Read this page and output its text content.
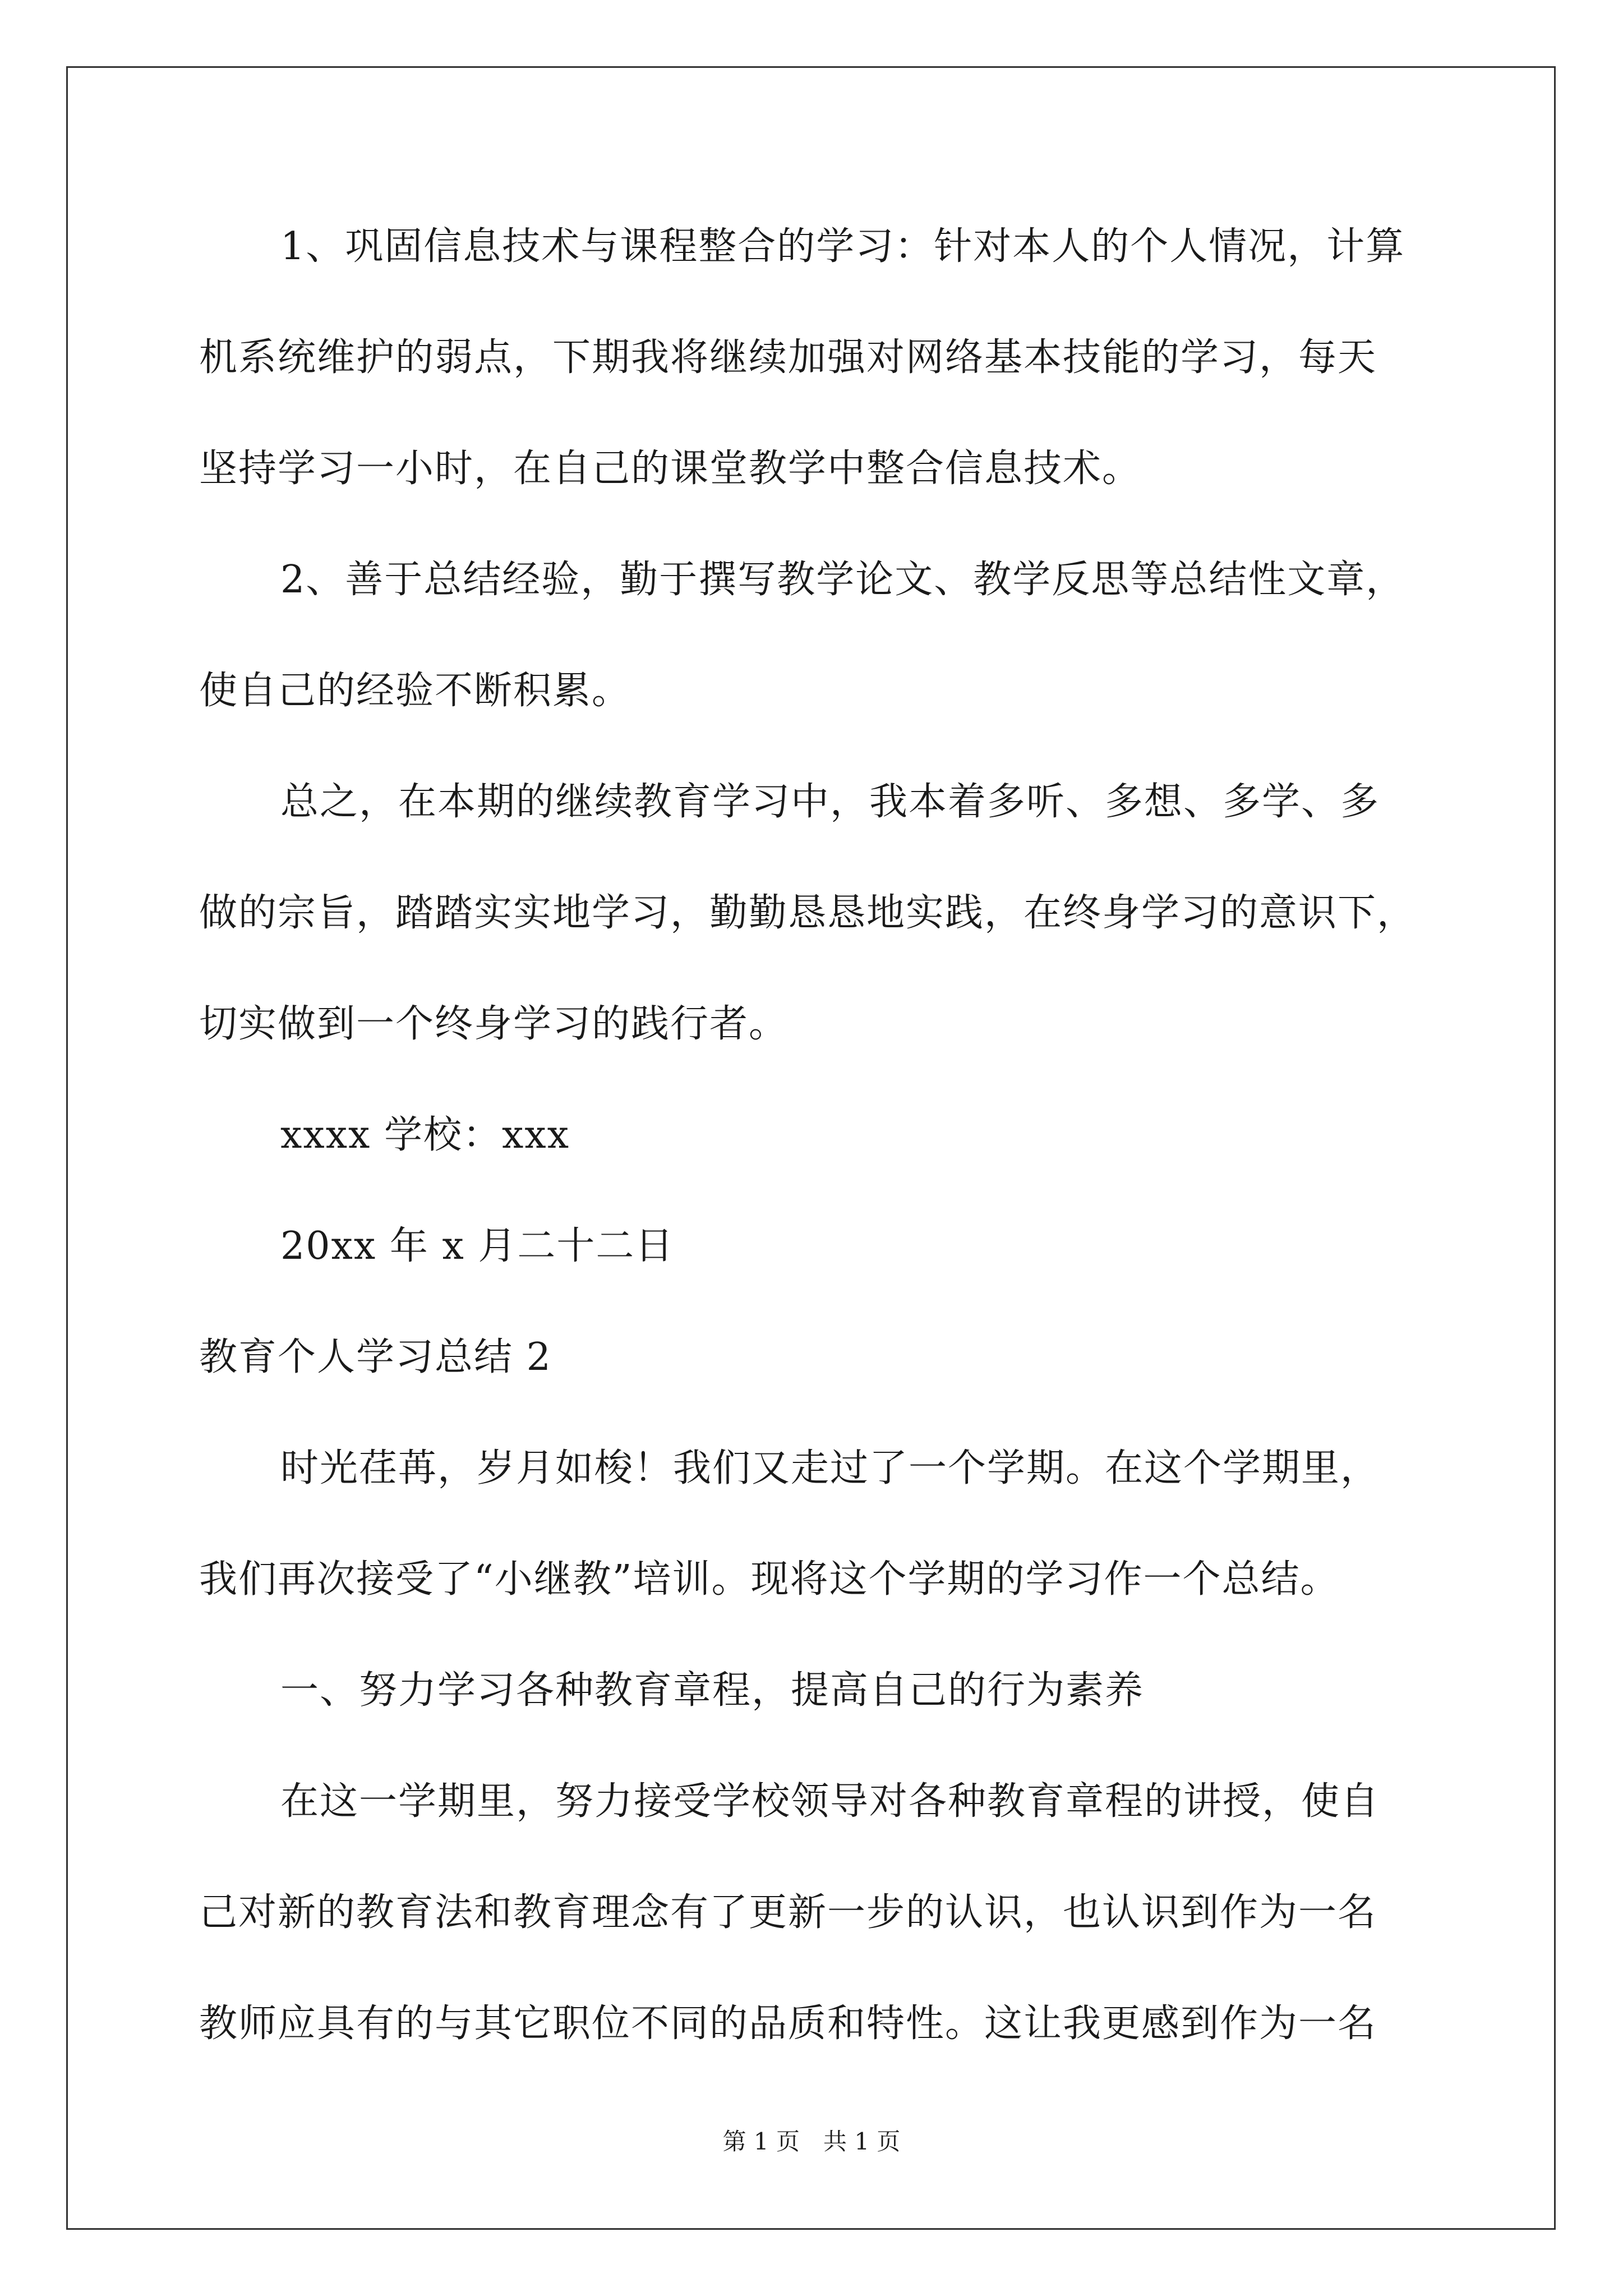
1、巩固信息技术与课程整合的学习：针对本人的个人情况，计算
机系统维护的弱点，下期我将继续加强对网络基本技能的学习，每天
坚持学习一小时，在自己的课堂教学中整合信息技术。
2、善于总结经验，勤于撰写教学论文、教学反思等总结性文章，
使自己的经验不断积累。
总之，在本期的继续教育学习中，我本着多听、多想、多学、多
做的宗旨，踏踏实实地学习，勤勤恳恳地实践，在终身学习的意识下，
切实做到一个终身学习的践行者。
xxxx 学校：xxx
20xx 年 x 月二十二日
教育个人学习总结 2
时光荏苒，岁月如梭！我们又走过了一个学期。在这个学期里，
我们再次接受了“小继教”培训。现将这个学期的学习作一个总结。
一、努力学习各种教育章程，提高自己的行为素养
在这一学期里，努力接受学校领导对各种教育章程的讲授，使自
己对新的教育法和教育理念有了更新一步的认识，也认识到作为一名
教师应具有的与其它职位不同的品质和特性。这让我更感到作为一名
第 1 页　共 1 页
